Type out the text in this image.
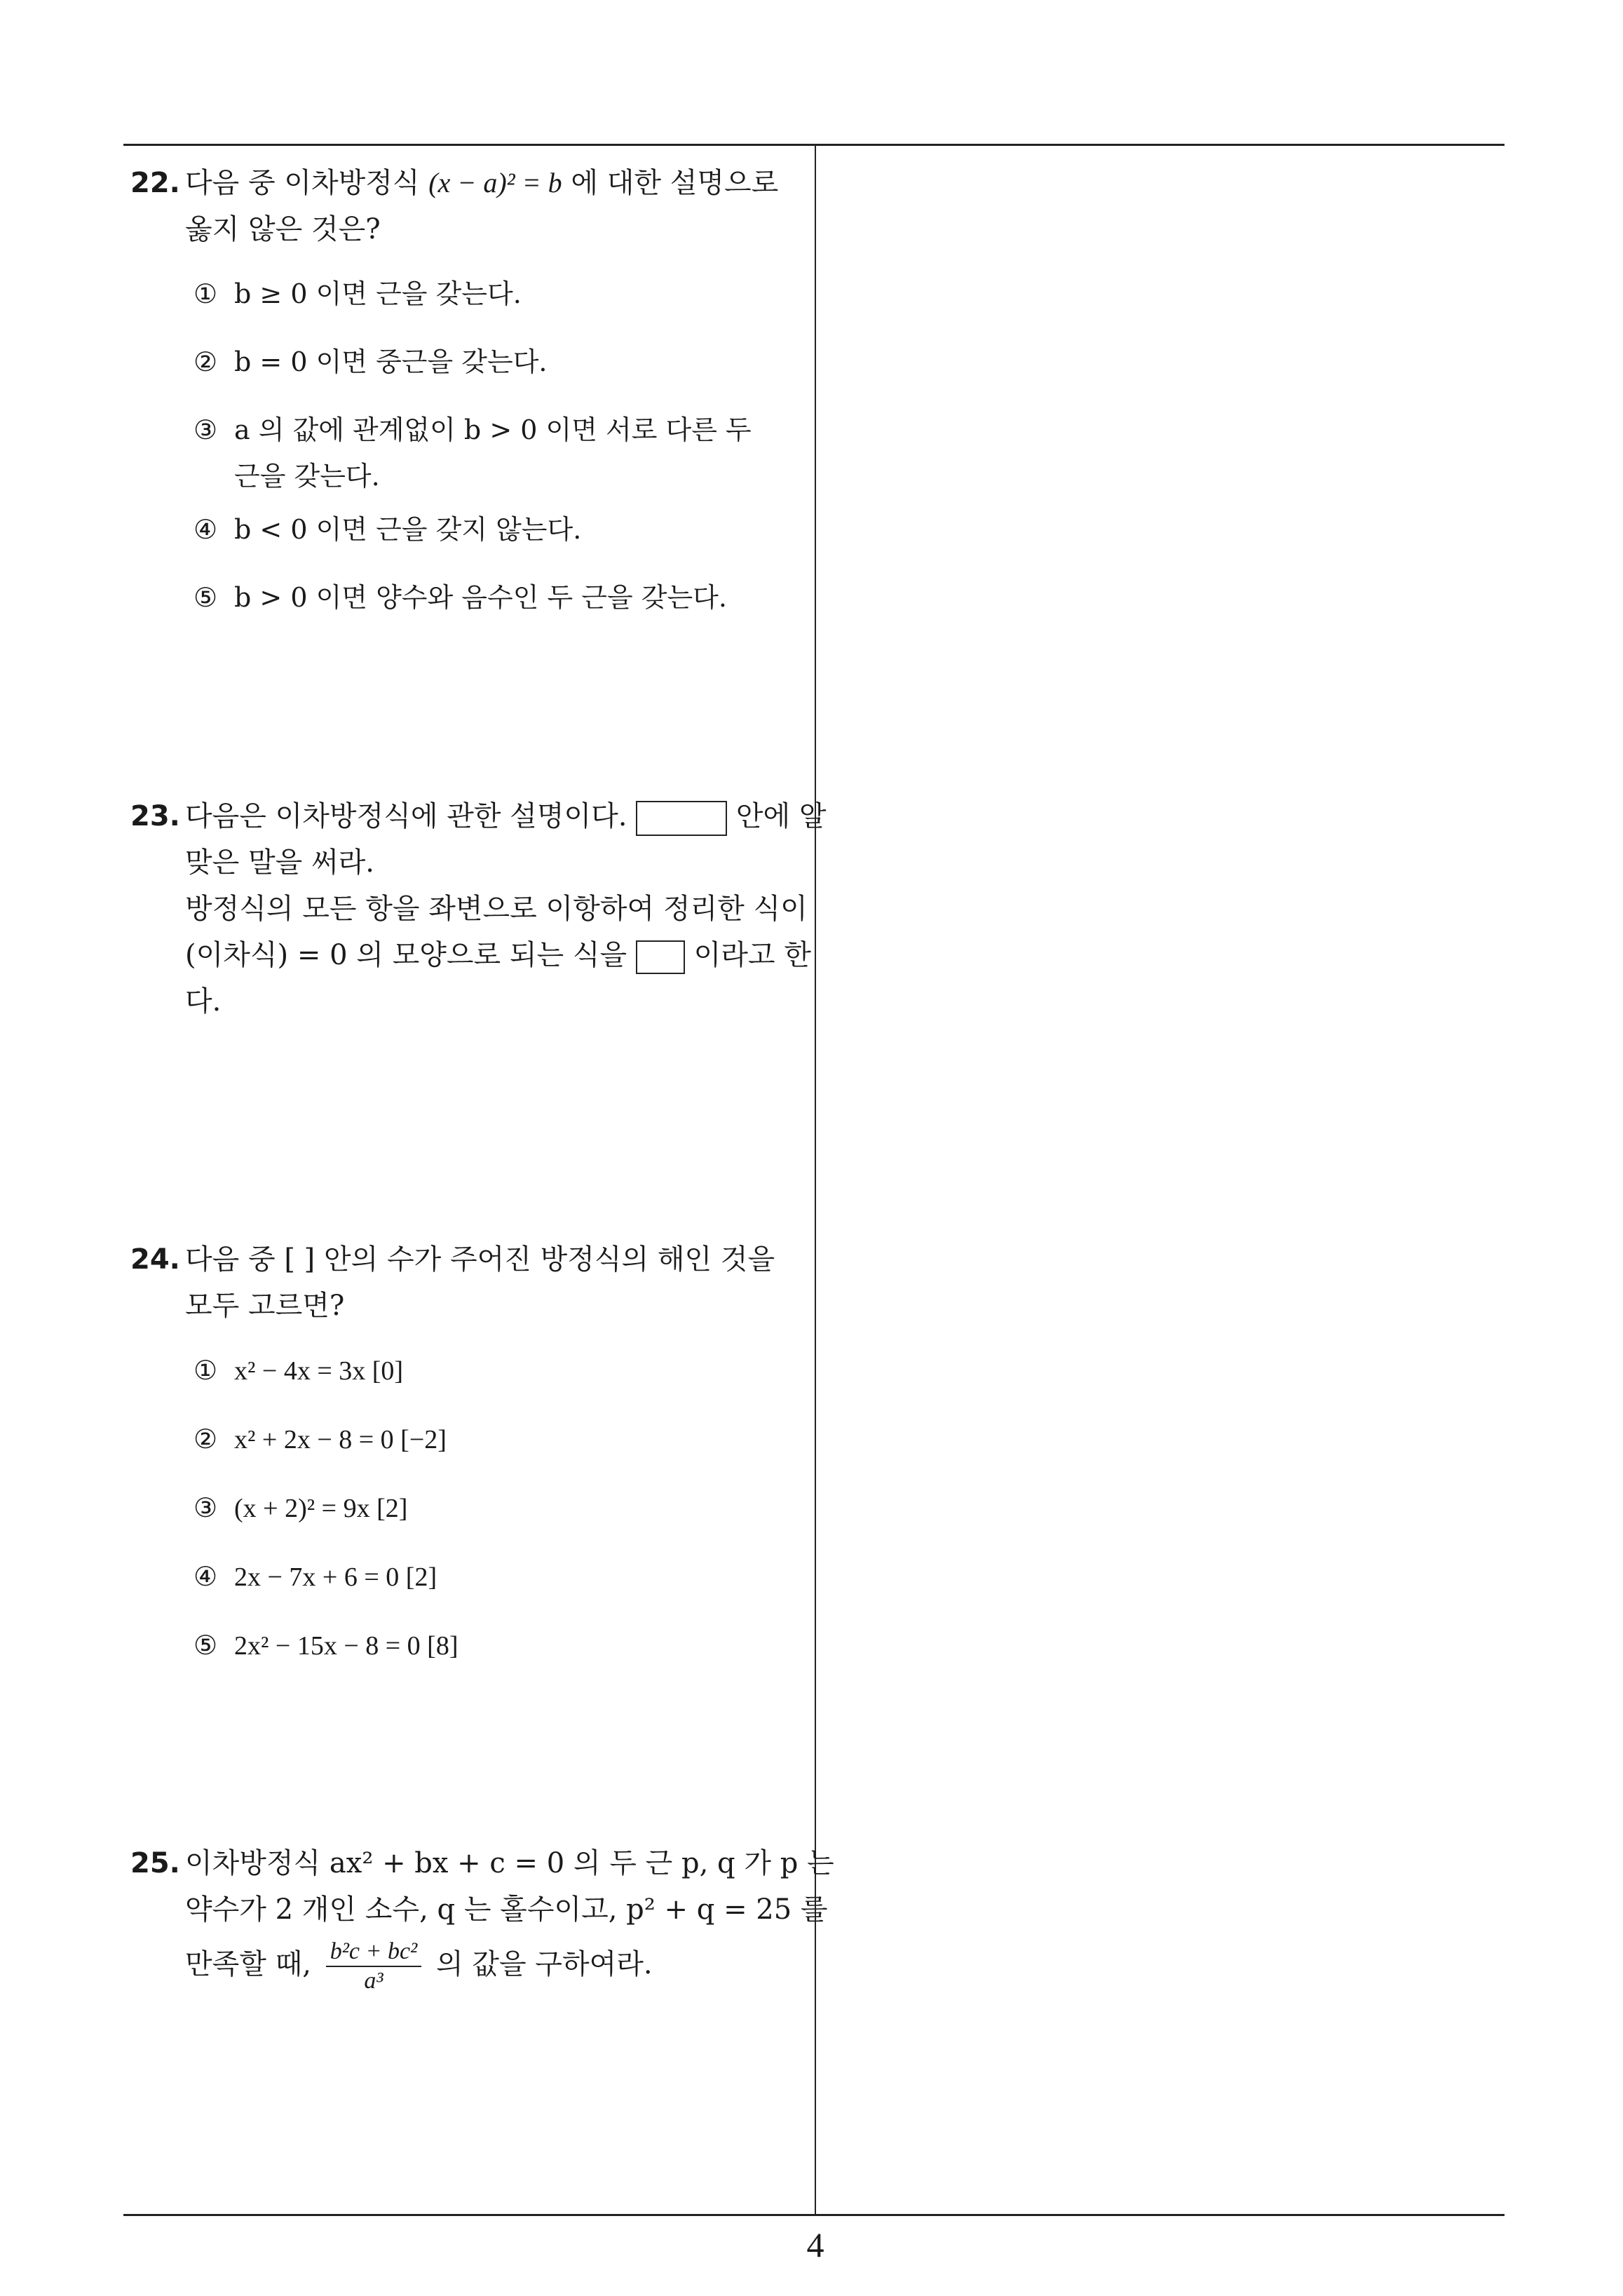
22. 다음 중 이차방정식 (x − a)² = b 에 대한 설명으로
옳지 않은 것은?
① b ≥ 0 이면 근을 갖는다.
② b = 0 이면 중근을 갖는다.
③ a 의 값에 관계없이 b > 0 이면 서로 다른 두
근을 갖는다.
④ b < 0 이면 근을 갖지 않는다.
⑤ b > 0 이면 양수와 음수인 두 근을 갖는다.
23. 다음은 이차방정식에 관한 설명이다.	안에 알
맞은 말을 써라.
방정식의 모든 항을 좌변으로 이항하여 정리한 식이
(이차식) = 0 의 모양으로 되는 식을 이라고 한
다.
24. 다음 중 [ ] 안의 수가 주어진 방정식의 해인 것을
모두 고르면?
① x² − 4x = 3x [0]
② x² + 2x − 8 = 0 [−2]
③ (x + 2)² = 9x [2]
④ 2x − 7x + 6 = 0 [2]
⑤ 2x² − 15x − 8 = 0 [8]
25. 이차방정식 ax² + bx + c = 0 의 두 근 p, q 가 p 는
약수가 2 개인 소수, q 는 홀수이고, p² + q = 25 를
만족할 때, $\frac{\text{b²c + bc²}}{\text{a³}}$ 의 값을 구하여라.
4
